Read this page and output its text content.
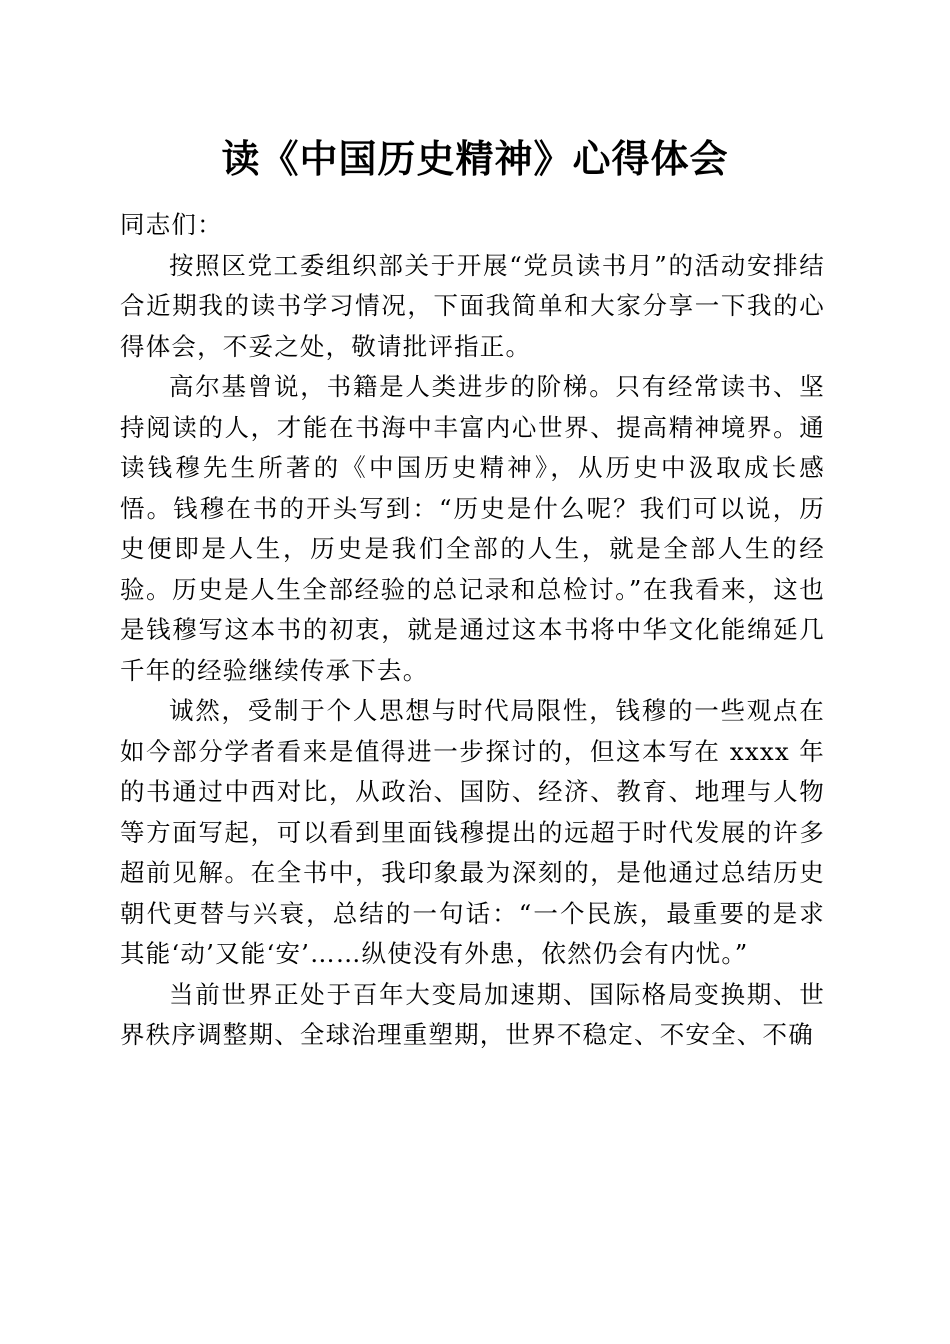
读《中国历史精神》心得体会

同志们：

按照区党工委组织部关于开展“党员读书月”的活动安排结合近期我的读书学习情况，下面我简单和大家分享一下我的心得体会，不妥之处，敬请批评指正。

高尔基曾说，书籍是人类进步的阶梯。只有经常读书、坚持阅读的人，才能在书海中丰富内心世界、提高精神境界。通读钱穆先生所著的《中国历史精神》，从历史中汲取成长感悟。钱穆在书的开头写到：“历史是什么呢？我们可以说，历史便即是人生，历史是我们全部的人生，就是全部人生的经验。历史是人生全部经验的总记录和总检讨。”在我看来，这也是钱穆写这本书的初衷，就是通过这本书将中华文化能绵延几千年的经验继续传承下去。

诚然，受制于个人思想与时代局限性，钱穆的一些观点在如今部分学者看来是值得进一步探讨的，但这本写在 xxxx 年的书通过中西对比，从政治、国防、经济、教育、地理与人物等方面写起，可以看到里面钱穆提出的远超于时代发展的许多超前见解。在全书中，我印象最为深刻的，是他通过总结历史朝代更替与兴衰，总结的一句话：“一个民族，最重要的是求其能‘动’又能‘安’……纵使没有外患，依然仍会有内忧。”

当前世界正处于百年大变局加速期、国际格局变换期、世界秩序调整期、全球治理重塑期，世界不稳定、不安全、不确
